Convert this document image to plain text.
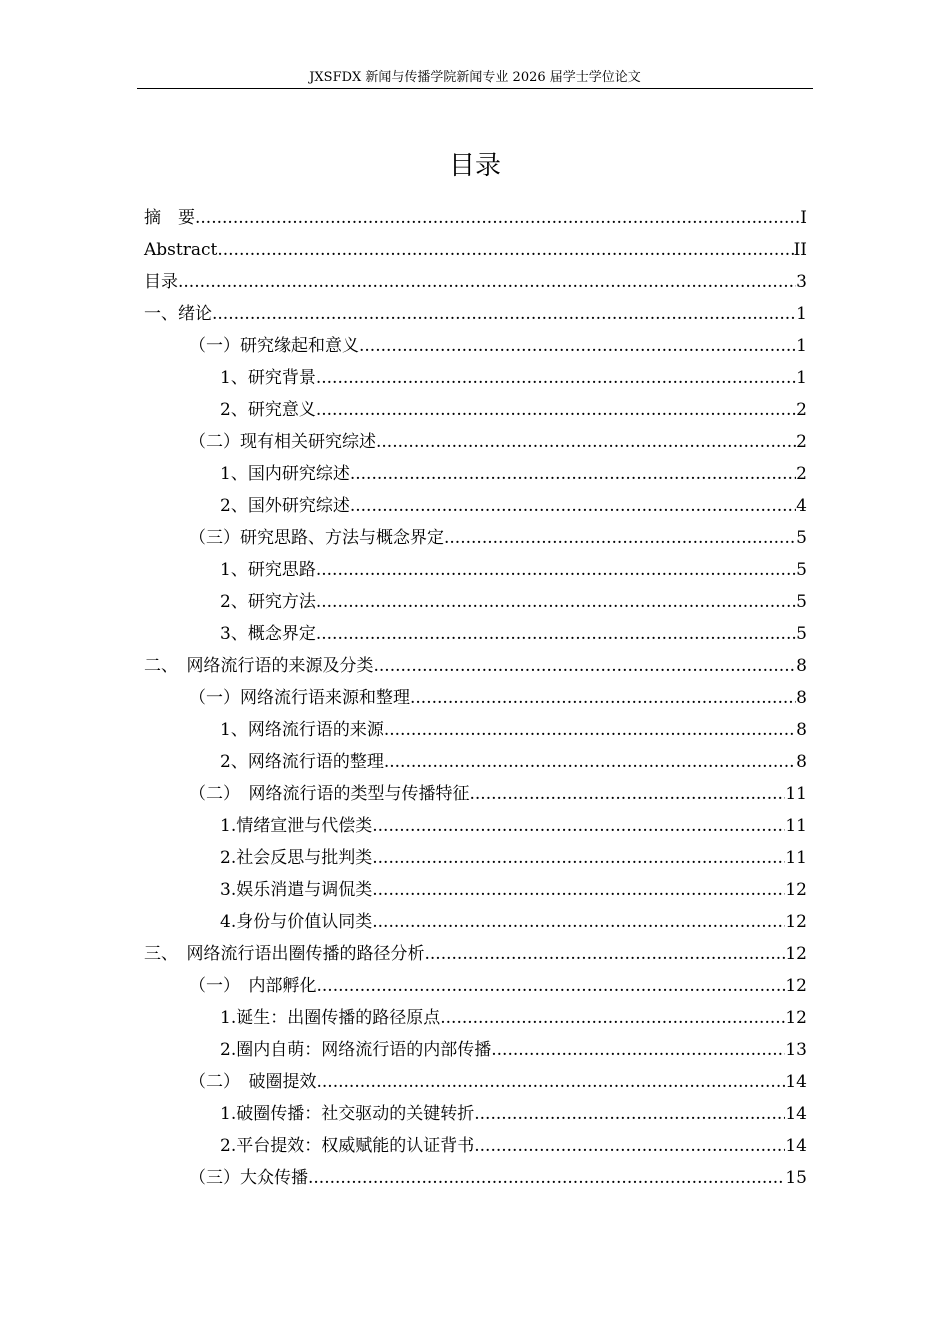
JXSFDX 新闻与传播学院新闻专业 2026 届学士学位论文
目录
摘　要 .....	I
Abstract .....	II
目录 .....	3
一、绪论 .....	1
（一）研究缘起和意义 .....	1
1、研究背景 .....	1
2、研究意义 .....	2
（二）现有相关研究综述 .....	2
1、国内研究综述 .....	2
2、国外研究综述 .....	4
（三）研究思路、方法与概念界定 .....	5
1、研究思路 .....	5
2、研究方法 .....	5
3、概念界定 .....	5
二、　网络流行语的来源及分类 .....	8
（一）网络流行语来源和整理 .....	8
1、网络流行语的来源 .....	8
2、网络流行语的整理 .....	8
（二）　网络流行语的类型与传播特征 .....	11
1.情绪宣泄与代偿类 .....	11
2.社会反思与批判类 .....	11
3.娱乐消遣与调侃类 .....	12
4.身份与价值认同类 .....	12
三、　网络流行语出圈传播的路径分析 .....	12
（一）　内部孵化 .....	12
1.诞生：出圈传播的路径原点 .....	12
2.圈内自萌：网络流行语的内部传播 .....	13
（二）　破圈提效 .....	14
1.破圈传播：社交驱动的关键转折 .....	14
2.平台提效：权威赋能的认证背书 .....	14
（三）大众传播 .....	15
